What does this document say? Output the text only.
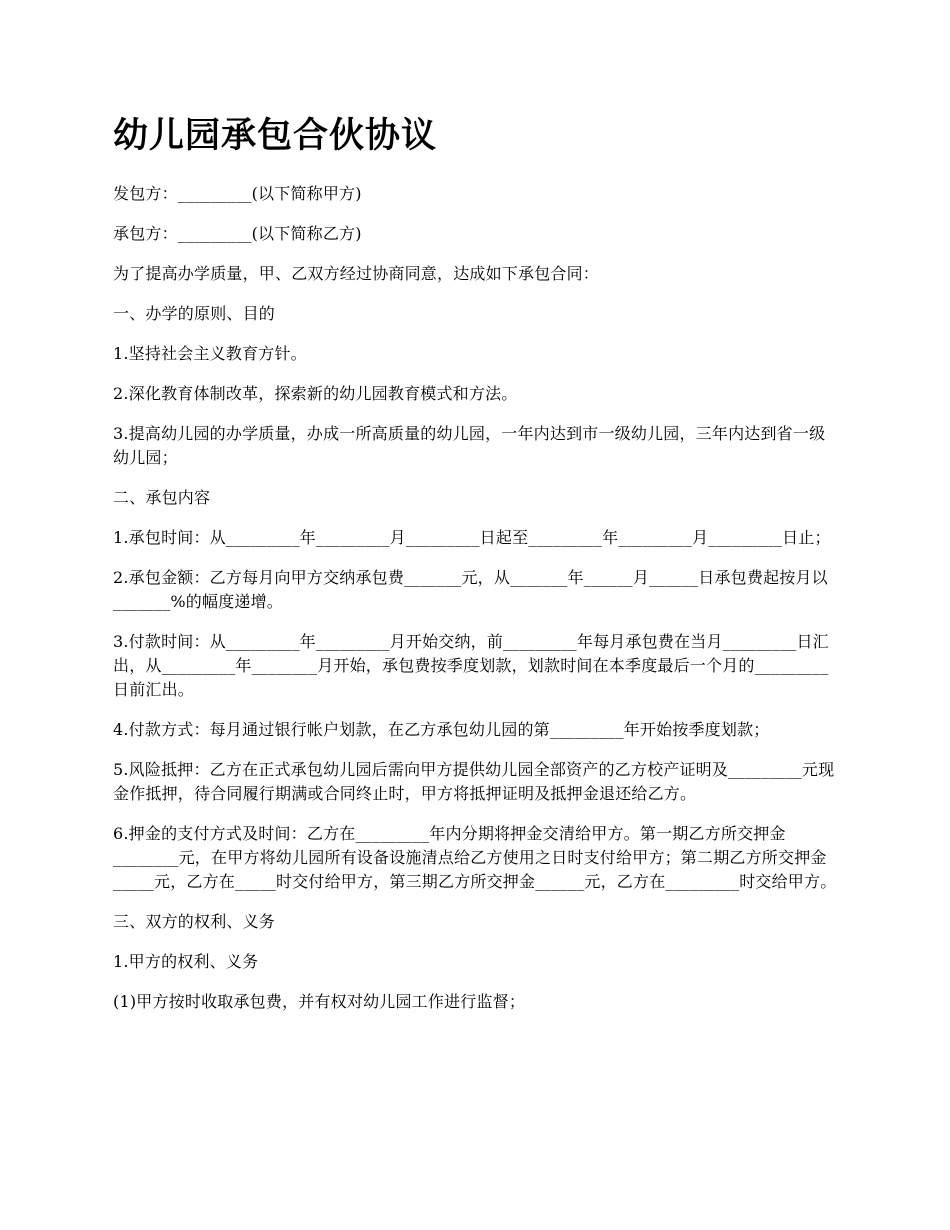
幼儿园承包合伙协议

发包方：_________(以下简称甲方)

承包方：_________(以下简称乙方)

为了提高办学质量，甲、乙双方经过协商同意，达成如下承包合同：

一、办学的原则、目的

1.坚持社会主义教育方针。

2.深化教育体制改革，探索新的幼儿园教育模式和方法。

3.提高幼儿园的办学质量，办成一所高质量的幼儿园，一年内达到市一级幼儿园，三年内达到省一级幼儿园；

二、承包内容

1.承包时间：从_________年_________月_________日起至_________年_________月_________日止；

2.承包金额：乙方每月向甲方交纳承包费_______元，从_______年______月______日承包费起按月以_______%的幅度递增。

3.付款时间：从_________年_________月开始交纳，前_________年每月承包费在当月_________日汇出，从_________年________月开始，承包费按季度划款，划款时间在本季度最后一个月的_________日前汇出。

4.付款方式：每月通过银行帐户划款，在乙方承包幼儿园的第_________年开始按季度划款；

5.风险抵押：乙方在正式承包幼儿园后需向甲方提供幼儿园全部资产的乙方校产证明及_________元现金作抵押，待合同履行期满或合同终止时，甲方将抵押证明及抵押金退还给乙方。

6.押金的支付方式及时间：乙方在_________年内分期将押金交清给甲方。第一期乙方所交押金________元，在甲方将幼儿园所有设备设施清点给乙方使用之日时支付给甲方；第二期乙方所交押金_____元，乙方在_____时交付给甲方，第三期乙方所交押金______元，乙方在_________时交给甲方。

三、双方的权利、义务

1.甲方的权利、义务

(1)甲方按时收取承包费，并有权对幼儿园工作进行监督；
